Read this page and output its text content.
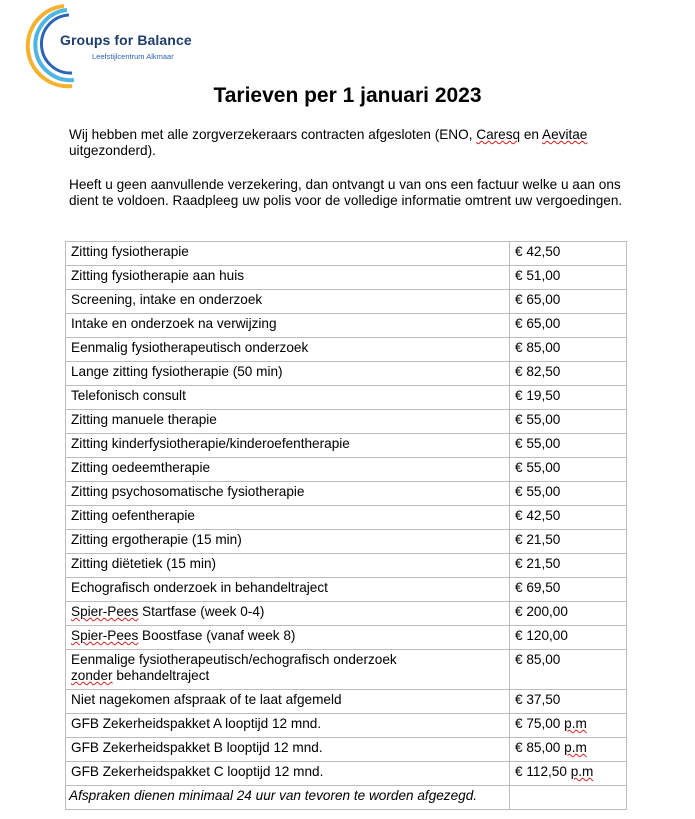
Groups for Balance
Leefstijlcentrum Alkmaar
Tarieven per 1 januari 2023

Wij hebben met alle zorgverzekeraars contracten afgesloten (ENO, Caresq en Aevitae uitgezonderd).

Heeft u geen aanvullende verzekering, dan ontvangt u van ons een factuur welke u aan ons dient te voldoen. Raadpleeg uw polis voor de volledige informatie omtrent uw vergoedingen.

Zitting fysiotherapie	€ 42,50
Zitting fysiotherapie aan huis	€ 51,00
Screening, intake en onderzoek	€ 65,00
Intake en onderzoek na verwijzing	€ 65,00
Eenmalig fysiotherapeutisch onderzoek	€ 85,00
Lange zitting fysiotherapie (50 min)	€ 82,50
Telefonisch consult	€ 19,50
Zitting manuele therapie	€ 55,00
Zitting kinderfysiotherapie/kinderoefentherapie	€ 55,00
Zitting oedeemtherapie	€ 55,00
Zitting psychosomatische fysiotherapie	€ 55,00
Zitting oefentherapie	€ 42,50
Zitting ergotherapie (15 min)	€ 21,50
Zitting diëtetiek (15 min)	€ 21,50
Echografisch onderzoek in behandeltraject	€ 69,50
Spier-Pees Startfase (week 0-4)	€ 200,00
Spier-Pees Boostfase (vanaf week 8)	€ 120,00
Eenmalige fysiotherapeutisch/echografisch onderzoek
zonder behandeltraject	€ 85,00
Niet nagekomen afspraak of te laat afgemeld	€ 37,50
GFB Zekerheidspakket A looptijd 12 mnd.	€ 75,00 p.m
GFB Zekerheidspakket B looptijd 12 mnd.	€ 85,00 p.m
GFB Zekerheidspakket C looptijd 12 mnd.	€ 112,50 p.m

Afspraken dienen minimaal 24 uur van tevoren te worden afgezegd.
